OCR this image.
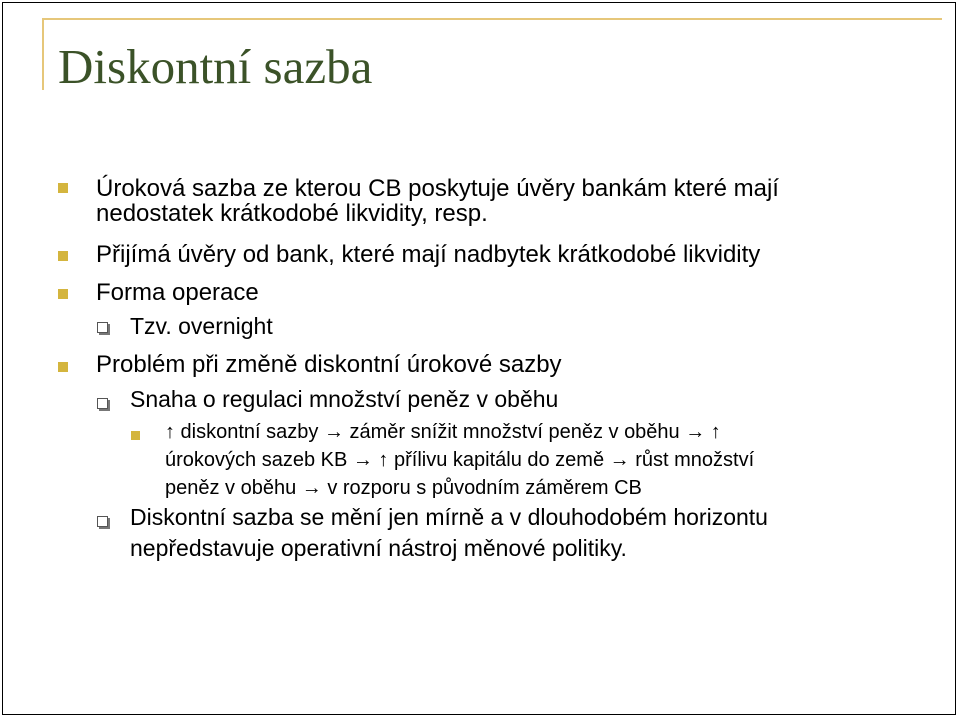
Diskontní sazba
Úroková sazba ze kterou CB poskytuje úvěry bankám které mají
nedostatek krátkodobé likvidity, resp.
Přijímá úvěry od bank, které mají nadbytek krátkodobé likvidity
Forma operace
Tzv. overnight
Problém při změně diskontní úrokové sazby
Snaha o regulaci množství peněz v oběhu
↑ diskontní sazby → záměr snížit množství peněz v oběhu → ↑
úrokových sazeb KB → ↑ přílivu kapitálu do země → růst množství
peněz v oběhu → v rozporu s původním záměrem CB
Diskontní sazba se mění jen mírně a v dlouhodobém horizontu
nepředstavuje operativní nástroj měnové politiky.
